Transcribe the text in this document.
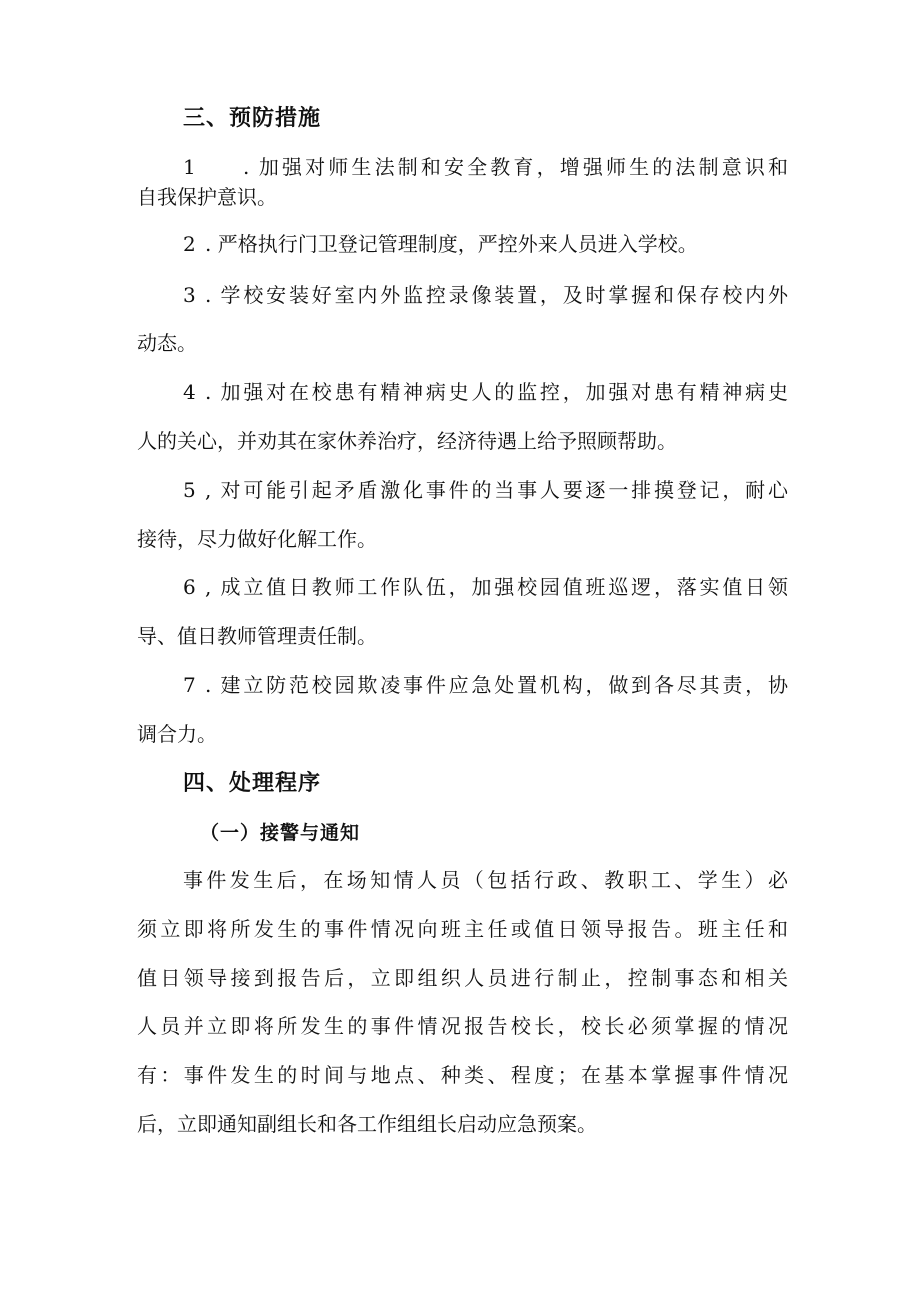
三、预防措施
1 . 加强对师生法制和安全教育，增强师生的法制意识和
自我保护意识。
2 . 严格执行门卫登记管理制度，严控外来人员进入学校。
3 . 学校安装好室内外监控录像装置，及时掌握和保存校内外
动态。
4 . 加强对在校患有精神病史人的监控，加强对患有精神病史
人的关心，并劝其在家休养治疗，经济待遇上给予照顾帮助。
5 , 对可能引起矛盾激化事件的当事人要逐一排摸登记，耐心
接待，尽力做好化解工作。
6 , 成立值日教师工作队伍，加强校园值班巡逻，落实值日领
导、值日教师管理责任制。
7 . 建立防范校园欺凌事件应急处置机构，做到各尽其责，协
调合力。
四、处理程序
（一）接警与通知
事件发生后，在场知情人员（包括行政、教职工、学生）必
须立即将所发生的事件情况向班主任或值日领导报告。班主任和
值日领导接到报告后，立即组织人员进行制止，控制事态和相关
人员并立即将所发生的事件情况报告校长，校长必须掌握的情况
有：事件发生的时间与地点、种类、程度；在基本掌握事件情况
后，立即通知副组长和各工作组组长启动应急预案。
